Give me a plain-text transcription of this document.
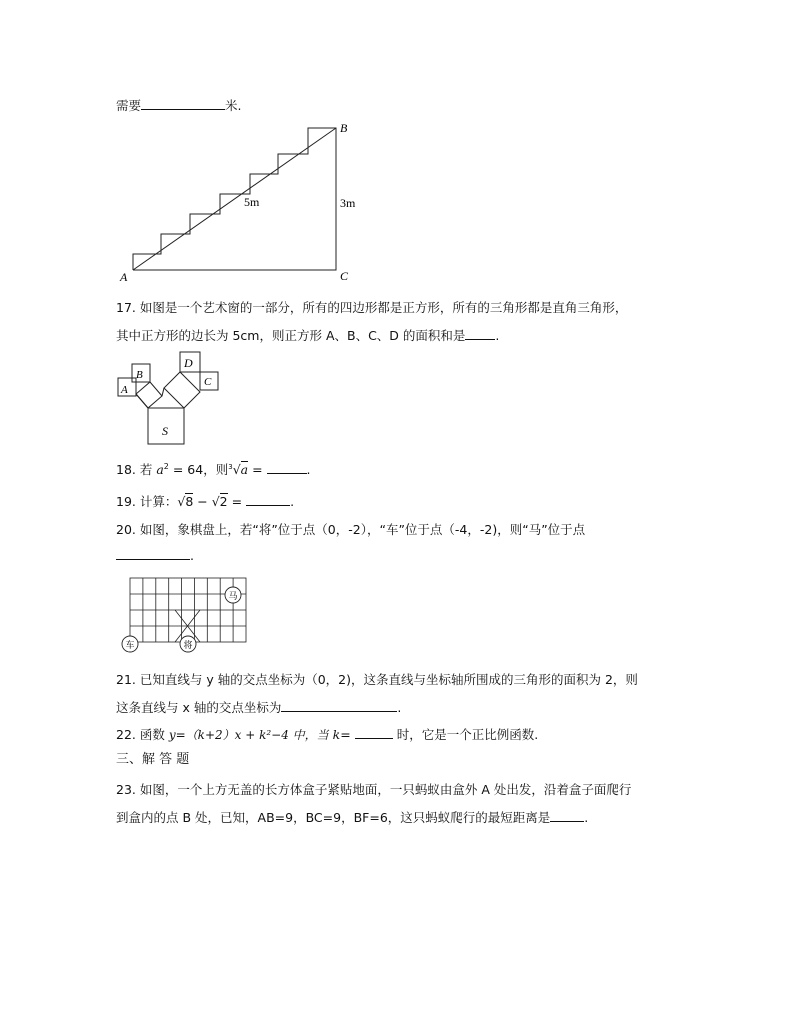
需要	米.
A
B
C
5m	3m
17. 如图是一个艺术窗的一部分，所有的四边形都是正方形，所有的三角形都是直角三角形，
其中正方形的边长为 5cm，则正方形 A、B、C、D 的面积和是 .
A
B
D
C
S
18. 若 $a^2 = 64$，则$^3$√a =	.
19. 计算：√8 − √2 =	.
20. 如图，象棋盘上，若“将”位于点（0，-2），“车”位于点（-4，-2)，则“马”位于点
.
马
车	将
21. 已知直线与 y 轴的交点坐标为（0，2)，这条直线与坐标轴所围成的三角形的面积为 2，则
这条直线与 x 轴的交点坐标为	.
22. 函数 y=（k+2）x + k²−4 中，当 k=	时，它是一个正比例函数.
三、解 答 题
23. 如图，一个上方无盖的长方体盒子紧贴地面，一只蚂蚁由盒外 A 处出发，沿着盒子面爬行
到盒内的点 B 处，已知，AB=9，BC=9，BF=6，这只蚂蚁爬行的最短距离是	.
